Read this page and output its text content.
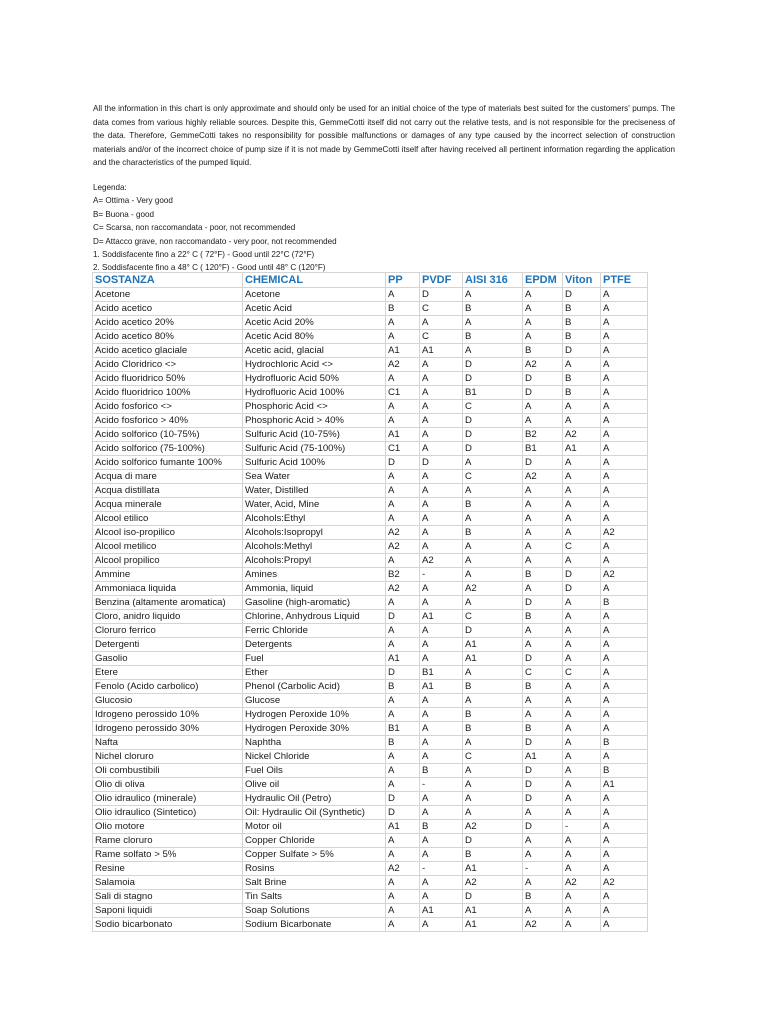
All the information in this chart is only approximate and should only be used for an initial choice of the type of materials best suited for the customers' pumps. The data comes from various highly reliable sources. Despite this, GemmeCotti itself did not carry out the relative tests, and is not responsible for the preciseness of the data. Therefore, GemmeCotti takes no responsibility for possible malfunctions or damages of any type caused by the incorrect selection of construction materials and/or of the incorrect choice of pump size if it is not made by GemmeCotti itself after having received all pertinent information regarding the application and the characteristics of the pumped liquid.

Legenda:
A= Ottima - Very good
B= Buona - good
C= Scarsa, non raccomandata - poor, not recommended
D= Attacco grave, non raccomandato - very poor, not recommended
1. Soddisfacente fino a 22° C ( 72°F) - Good until 22°C (72°F)
2. Soddisfacente fino a 48° C ( 120°F) - Good until 48° C (120°F)
SOSTANZA	CHEMICAL	PP	PVDF	AISI 316	EPDM	Viton	PTFE
Acetone	Acetone	A	D	A	A	D	A
Acido acetico	Acetic Acid	B	C	B	A	B	A
Acido acetico 20%	Acetic Acid 20%	A	A	A	A	B	A
Acido acetico 80%	Acetic Acid 80%	A	C	B	A	B	A
Acido acetico glaciale	Acetic acid, glacial	A1	A1	A	B	D	A
Acido Cloridrico <>	Hydrochloric Acid <>	A2	A	D	A2	A	A
Acido fluoridrico 50%	Hydrofluoric Acid 50%	A	A	D	D	B	A
Acido fluoridrico 100%	Hydrofluoric Acid 100%	C1	A	B1	D	B	A
Acido fosforico <>	Phosphoric Acid <>	A	A	C	A	A	A
Acido fosforico > 40%	Phosphoric Acid > 40%	A	A	D	A	A	A
Acido solforico (10-75%)	Sulfuric Acid (10-75%)	A1	A	D	B2	A2	A
Acido solforico (75-100%)	Sulfuric Acid (75-100%)	C1	A	D	B1	A1	A
Acido solforico fumante 100%	Sulfuric Acid 100%	D	D	A	D	A	A
Acqua di mare	Sea Water	A	A	C	A2	A	A
Acqua distillata	Water, Distilled	A	A	A	A	A	A
Acqua minerale	Water, Acid, Mine	A	A	B	A	A	A
Alcool etilico	Alcohols:Ethyl	A	A	A	A	A	A
Alcool iso-propilico	Alcohols:Isopropyl	A2	A	B	A	A	A2
Alcool metilico	Alcohols:Methyl	A2	A	A	A	C	A
Alcool propilico	Alcohols:Propyl	A	A2	A	A	A	A
Ammine	Amines	B2	-	A	B	D	A2
Ammoniaca liquida	Ammonia, liquid	A2	A	A2	A	D	A
Benzina (altamente aromatica)	Gasoline (high-aromatic)	A	A	A	D	A	B
Cloro, anidro liquido	Chlorine, Anhydrous Liquid	D	A1	C	B	A	A
Cloruro ferrico	Ferric Chloride	A	A	D	A	A	A
Detergenti	Detergents	A	A	A1	A	A	A
Gasolio	Fuel	A1	A	A1	D	A	A
Etere	Ether	D	B1	A	C	C	A
Fenolo (Acido carbolico)	Phenol (Carbolic Acid)	B	A1	B	B	A	A
Glucosio	Glucose	A	A	A	A	A	A
Idrogeno perossido 10%	Hydrogen Peroxide 10%	A	A	B	A	A	A
Idrogeno perossido 30%	Hydrogen Peroxide 30%	B1	A	B	B	A	A
Nafta	Naphtha	B	A	A	D	A	B
Nichel cloruro	Nickel Chloride	A	A	C	A1	A	A
Oli combustibili	Fuel Oils	A	B	A	D	A	B
Olio di oliva	Olive oil	A	-	A	D	A	A1
Olio idraulico (minerale)	Hydraulic Oil (Petro)	D	A	A	D	A	A
Olio idraulico (Sintetico)	Oil: Hydraulic Oil (Synthetic)	D	A	A	A	A	A
Olio motore	Motor oil	A1	B	A2	D	-	A
Rame cloruro	Copper Chloride	A	A	D	A	A	A
Rame solfato > 5%	Copper Sulfate > 5%	A	A	B	A	A	A
Resine	Rosins	A2	-	A1	-	A	A
Salamoia	Salt Brine	A	A	A2	A	A2	A2
Sali di stagno	Tin Salts	A	A	D	B	A	A
Saponi liquidi	Soap Solutions	A	A1	A1	A	A	A
Sodio bicarbonato	Sodium Bicarbonate	A	A	A1	A2	A	A
